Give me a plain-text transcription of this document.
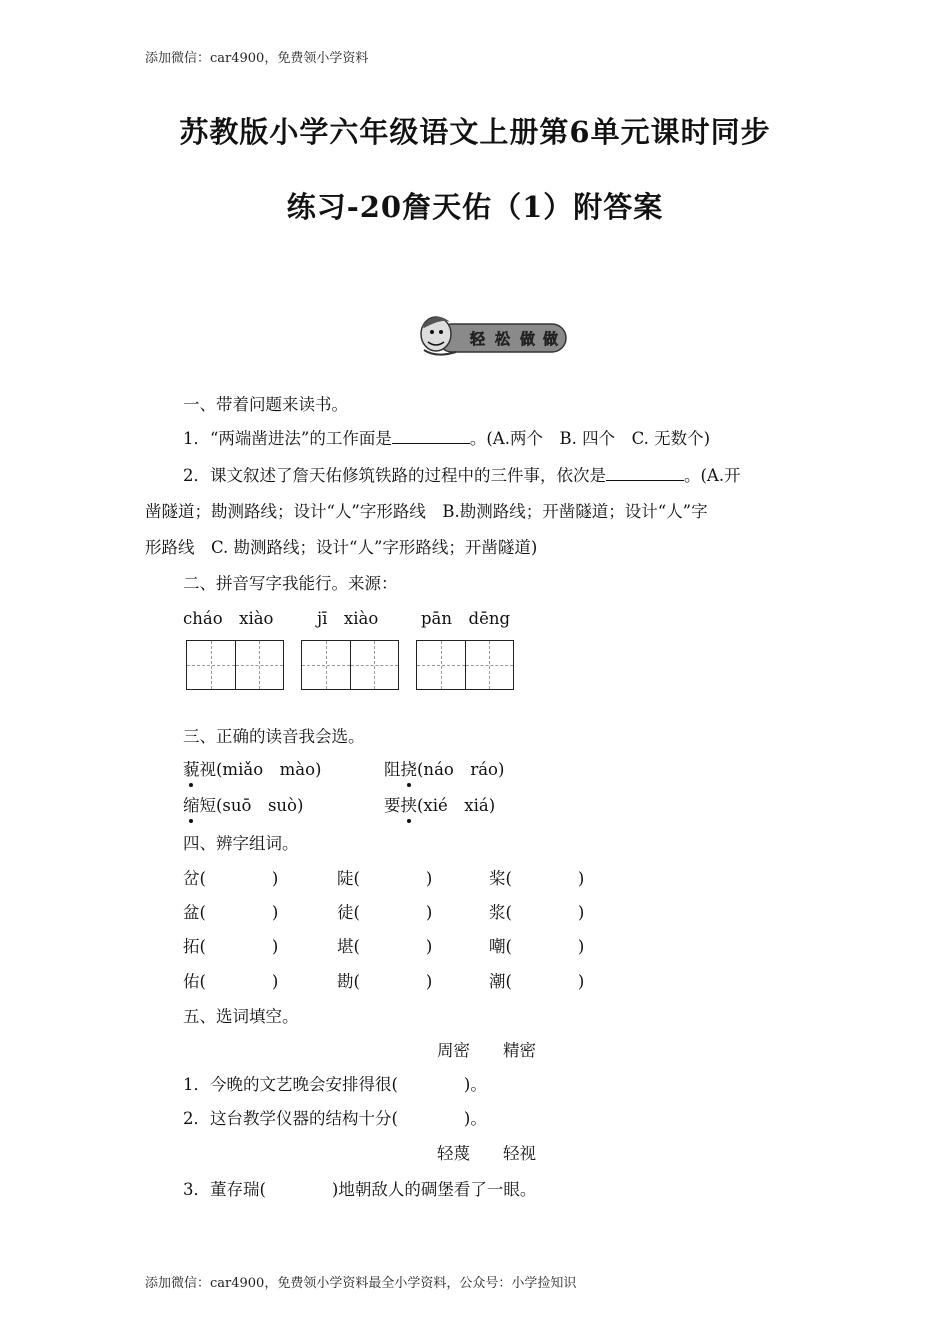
添加微信：car4900，免费领小学资料
苏教版小学六年级语文上册第6单元课时同步
练习-20詹天佑（1）附答案
轻 松 做 做
一、带着问题来读书。
1．“两端凿进法”的工作面是	。(A.两个　B. 四个　C. 无数个)
2．课文叙述了詹天佑修筑铁路的过程中的三件事，依次是	。(A.开
凿隧道；勘测路线；设计“人”字形路线　B.勘测路线；开凿隧道；设计“人”字
形路线　C. 勘测路线；设计“人”字形路线；开凿隧道)
二、拼音写字我能行。来源：
cháo　xiào	jī　xiào	pān　dēng
三、正确的读音我会选。
藐视(miǎo　mào)	阻挠(náo　ráo)
缩短(suō　suò)	要挟(xié　xiá)
四、辨字组词。
岔(　　　　)	陡(　　　　)	桨(　　　　)
盆(　　　　)	徒(　　　　)	浆(　　　　)
拓(　　　　)	堪(　　　　)	嘲(　　　　)
佑(　　　　)	勘(　　　　)	潮(　　　　)
五、选词填空。
周密　　精密
1．今晚的文艺晚会安排得很(　　　　)。
2．这台教学仪器的结构十分(　　　　)。
轻蔑　　轻视
3．董存瑞(　　　　)地朝敌人的碉堡看了一眼。
添加微信：car4900，免费领小学资料最全小学资料，公众号：小学捡知识
